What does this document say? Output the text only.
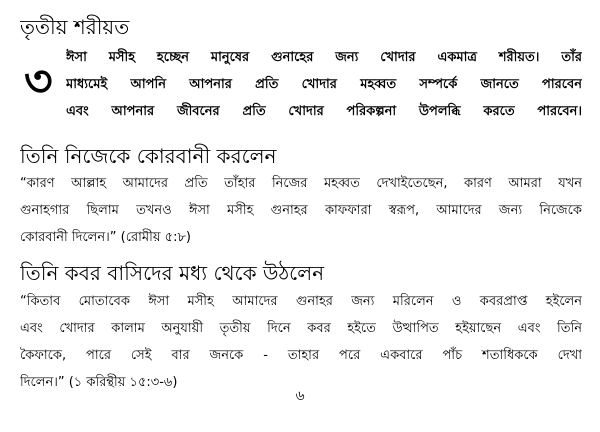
তৃতীয় শরীয়ত
৩ ঈসা মসীহ হচ্ছেন মানুষের গুনাহের জন্য খোদার একমাত্র শরীয়ত। তাঁর
মাধ্যমেই আপনি আপনার প্রতি খোদার মহব্বত সম্পর্কে জানতে পারবেন
এবং আপনার জীবনের প্রতি খোদার পরিকল্পনা উপলব্ধি করতে পারবেন।
তিনি নিজেকে কোরবানী করলেন
“কারণ আল্লাহ আমাদের প্রতি তাঁহার নিজের মহব্বত দেখাইতেছেন, কারণ আমরা যখন
গুনাহগার ছিলাম তখনও ঈসা মসীহ গুনাহর কাফফারা স্বরূপ, আমাদের জন্য নিজেকে
কোরবানী দিলেন।” (রোমীয় ৫:৮)
তিনি কবর বাসিদের মধ্য থেকে উঠলেন
“কিতাব মোতাবেক ঈসা মসীহ আমাদের গুনাহর জন্য মরিলেন ও কবরপ্রাপ্ত হইলেন
এবং খোদার কালাম অনুযায়ী তৃতীয় দিনে কবর হইতে উত্থাপিত হইয়াছেন এবং তিনি
কৈফাকে, পারে সেই বার জনকে - তাহার পরে একবারে পাঁচ শতাধিককে দেখা
দিলেন।” (১ করিন্থীয় ১৫:৩-৬)
৬
